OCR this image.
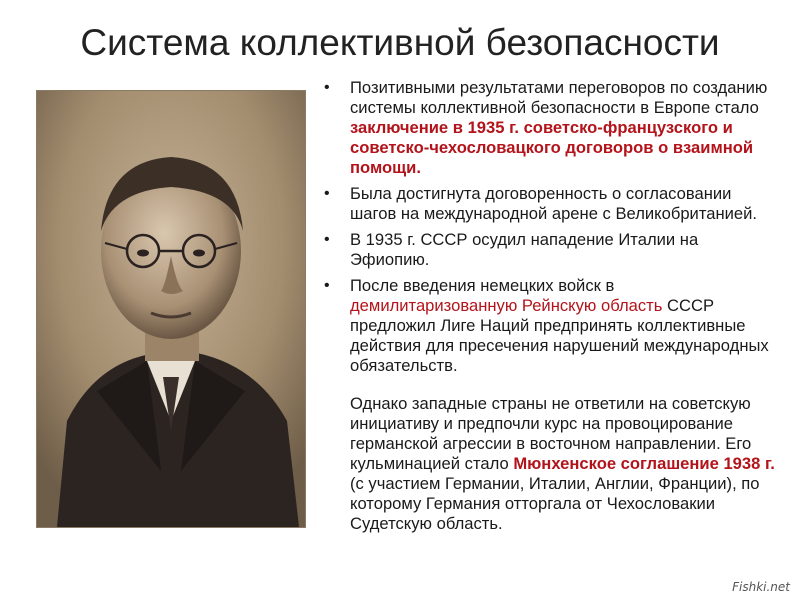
Система коллективной безопасности
• Позитивными результатами переговоров по созданию системы коллективной безопасности в Европе стало заключение в 1935 г. советско-французского и советско-чехословацкого договоров о взаимной помощи.
• Была достигнута договоренность о согласовании шагов на международной арене с Великобританией.
• В 1935 г. СССР осудил нападение Италии на Эфиопию.
• После введения немецких войск в демилитаризованную Рейнскую область СССР предложил Лиге Наций предпринять коллективные действия для пресечения нарушений международных обязательств.
Однако западные страны не ответили на советскую инициативу и предпочли курс на провоцирование германской агрессии в восточном направлении. Его кульминацией стало Мюнхенское соглашение 1938 г. (с участием Германии, Италии, Англии, Франции), по которому Германия отторгала от Чехословакии Судетскую область.
Fishki.net
